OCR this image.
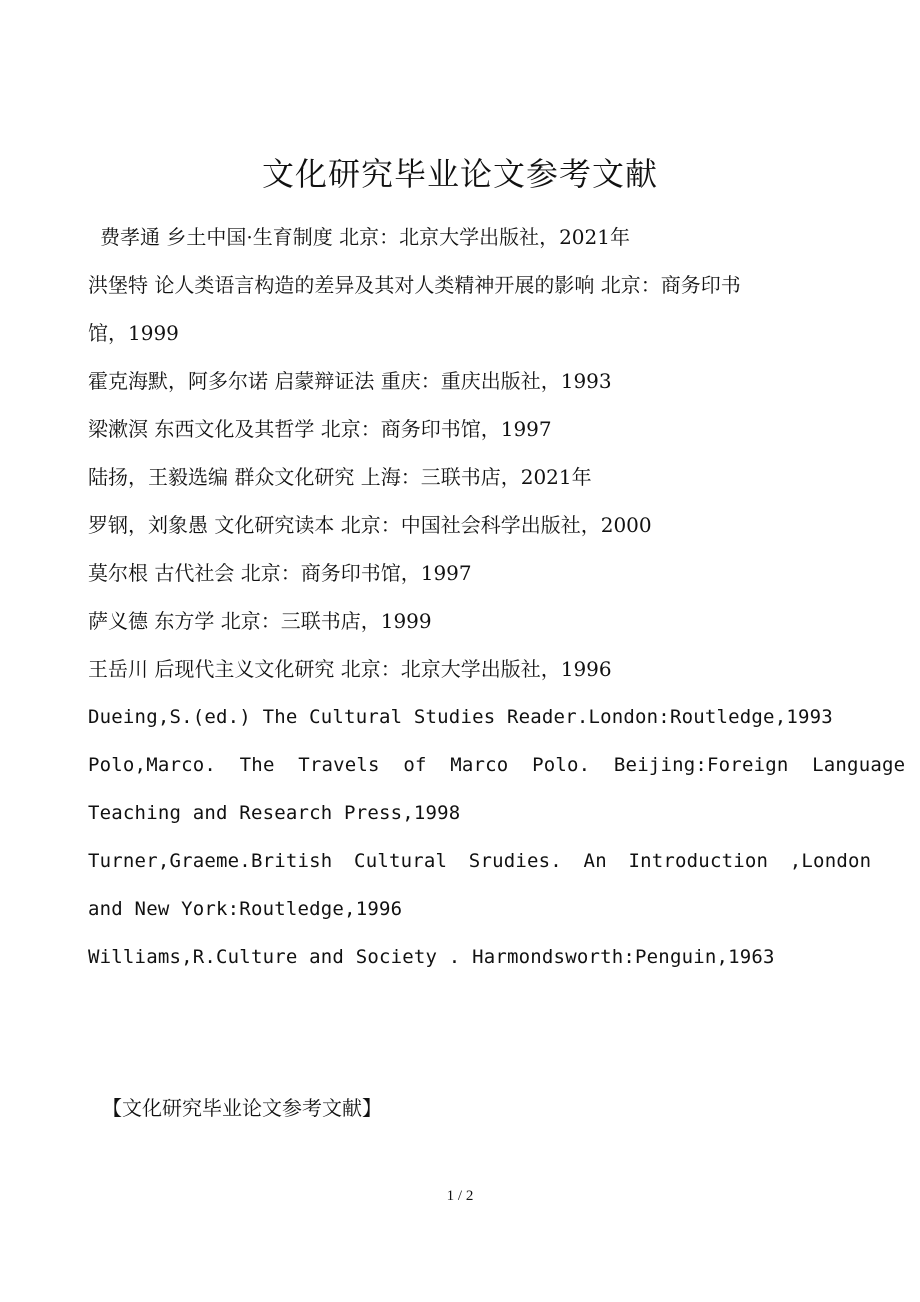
文化研究毕业论文参考文献
费孝通 乡土中国·生育制度 北京：北京大学出版社，2021年
洪堡特 论人类语言构造的差异及其对人类精神开展的影响 北京：商务印书
馆，1999
霍克海默，阿多尔诺 启蒙辩证法 重庆：重庆出版社，1993
梁漱溟 东西文化及其哲学 北京：商务印书馆，1997
陆扬，王毅选编 群众文化研究 上海：三联书店，2021年
罗钢，刘象愚 文化研究读本 北京：中国社会科学出版社，2000
莫尔根 古代社会 北京：商务印书馆，1997
萨义德 东方学 北京：三联书店，1999
王岳川 后现代主义文化研究 北京：北京大学出版社，1996
Dueing,S.(ed.) The Cultural Studies Reader.London:Routledge,1993
Polo,Marco. The Travels of Marco Polo. Beijing:Foreign Language
Teaching and Research Press,1998
Turner,Graeme.British Cultural Srudies. An Introduction ,London
and New York:Routledge,1996
Williams,R.Culture and Society . Harmondsworth:Penguin,1963
【文化研究毕业论文参考文献】
1 / 2
